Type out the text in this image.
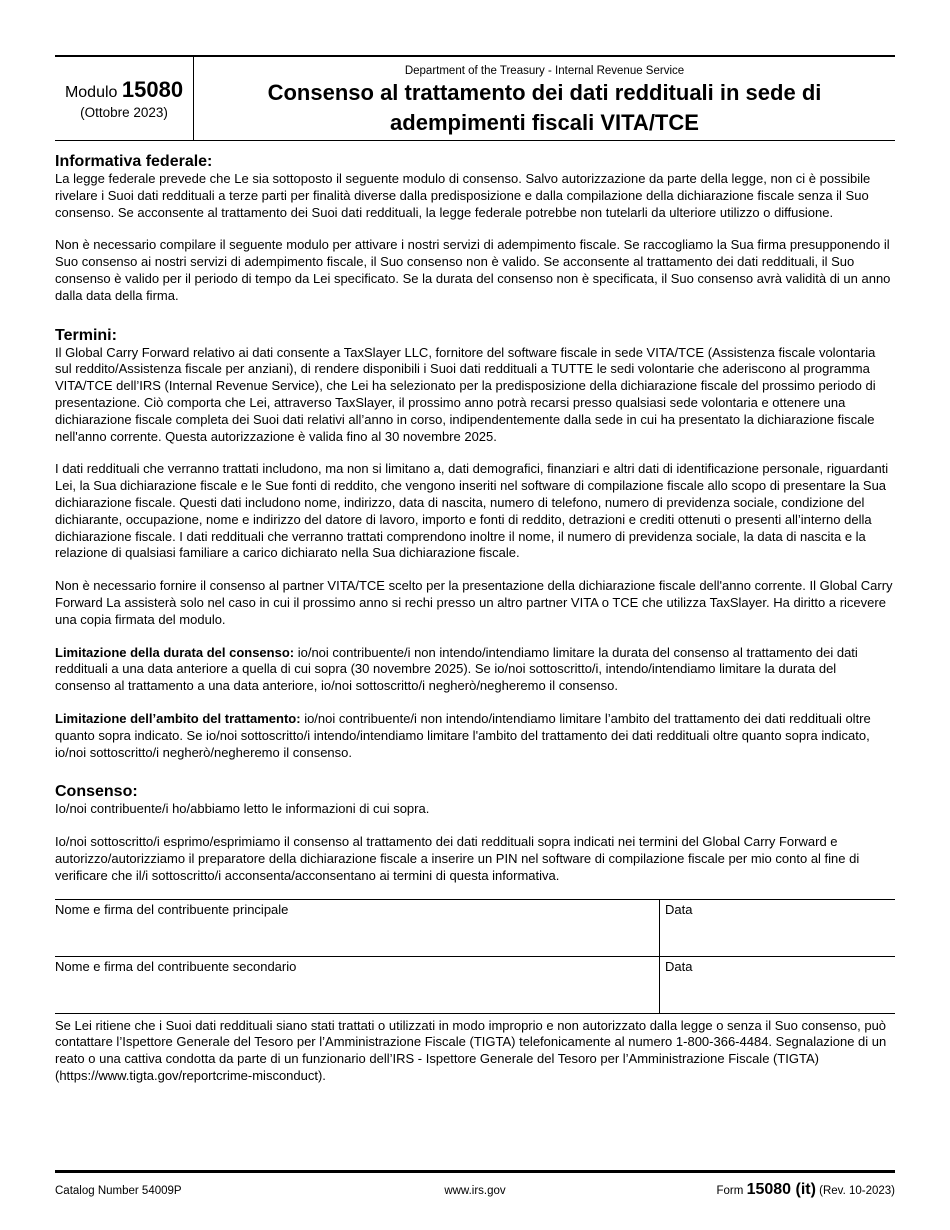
Modulo 15080
(Ottobre 2023)
Department of the Treasury - Internal Revenue Service
Consenso al trattamento dei dati reddituali in sede di
adempimenti fiscali VITA/TCE
Informativa federale:

La legge federale prevede che Le sia sottoposto il seguente modulo di consenso. Salvo autorizzazione da parte della legge, non ci è possibile rivelare i Suoi dati reddituali a terze parti per finalità diverse dalla predisposizione e dalla compilazione della dichiarazione fiscale senza il Suo consenso. Se acconsente al trattamento dei Suoi dati reddituali, la legge federale potrebbe non tutelarli da ulteriore utilizzo o diffusione.

Non è necessario compilare il seguente modulo per attivare i nostri servizi di adempimento fiscale. Se raccogliamo la Sua firma presupponendo il Suo consenso ai nostri servizi di adempimento fiscale, il Suo consenso non è valido. Se acconsente al trattamento dei dati reddituali, il Suo consenso è valido per il periodo di tempo da Lei specificato. Se la durata del consenso non è specificata, il Suo consenso avrà validità di un anno dalla data della firma.

Termini:

Il Global Carry Forward relativo ai dati consente a TaxSlayer LLC, fornitore del software fiscale in sede VITA/TCE (Assistenza fiscale volontaria sul reddito/Assistenza fiscale per anziani), di rendere disponibili i Suoi dati reddituali a TUTTE le sedi volontarie che aderiscono al programma VITA/TCE dell’IRS (Internal Revenue Service), che Lei ha selezionato per la predisposizione della dichiarazione fiscale del prossimo periodo di presentazione. Ciò comporta che Lei, attraverso TaxSlayer, il prossimo anno potrà recarsi presso qualsiasi sede volontaria e ottenere una dichiarazione fiscale completa dei Suoi dati relativi all’anno in corso, indipendentemente dalla sede in cui ha presentato la dichiarazione fiscale nell'anno corrente. Questa autorizzazione è valida fino al 30 novembre 2025.

I dati reddituali che verranno trattati includono, ma non si limitano a, dati demografici, finanziari e altri dati di identificazione personale, riguardanti Lei, la Sua dichiarazione fiscale e le Sue fonti di reddito, che vengono inseriti nel software di compilazione fiscale allo scopo di presentare la Sua dichiarazione fiscale. Questi dati includono nome, indirizzo, data di nascita, numero di telefono, numero di previdenza sociale, condizione del dichiarante, occupazione, nome e indirizzo del datore di lavoro, importo e fonti di reddito, detrazioni e crediti ottenuti o presenti all’interno della dichiarazione fiscale. I dati reddituali che verranno trattati comprendono inoltre il nome, il numero di previdenza sociale, la data di nascita e la relazione di qualsiasi familiare a carico dichiarato nella Sua dichiarazione fiscale.

Non è necessario fornire il consenso al partner VITA/TCE scelto per la presentazione della dichiarazione fiscale dell'anno corrente. Il Global Carry Forward La assisterà solo nel caso in cui il prossimo anno si rechi presso un altro partner VITA o TCE che utilizza TaxSlayer. Ha diritto a ricevere una copia firmata del modulo.

Limitazione della durata del consenso: io/noi contribuente/i non intendo/intendiamo limitare la durata del consenso al trattamento dei dati reddituali a una data anteriore a quella di cui sopra (30 novembre 2025). Se io/noi sottoscritto/i, intendo/intendiamo limitare la durata del consenso al trattamento a una data anteriore, io/noi sottoscritto/i negherò/negheremo il consenso.

Limitazione dell’ambito del trattamento: io/noi contribuente/i non intendo/intendiamo limitare l’ambito del trattamento dei dati reddituali oltre quanto sopra indicato. Se io/noi sottoscritto/i intendo/intendiamo limitare l'ambito del trattamento dei dati reddituali oltre quanto sopra indicato, io/noi sottoscritto/i negherò/negheremo il consenso.

Consenso:

Io/noi contribuente/i ho/abbiamo letto le informazioni di cui sopra.

Io/noi sottoscritto/i esprimo/esprimiamo il consenso al trattamento dei dati reddituali sopra indicati nei termini del Global Carry Forward e autorizzo/autorizziamo il preparatore della dichiarazione fiscale a inserire un PIN nel software di compilazione fiscale per mio conto al fine di verificare che il/i sottoscritto/i acconsenta/acconsentano ai termini di questa informativa.

Nome e firma del contribuente principale	Data
Nome e firma del contribuente secondario	Data

Se Lei ritiene che i Suoi dati reddituali siano stati trattati o utilizzati in modo improprio e non autorizzato dalla legge o senza il Suo consenso, può contattare l’Ispettore Generale del Tesoro per l’Amministrazione Fiscale (TIGTA) telefonicamente al numero 1-800-366-4484. Segnalazione di un reato o una cattiva condotta da parte di un funzionario dell’IRS - Ispettore Generale del Tesoro per l’Amministrazione Fiscale (TIGTA) (https://www.tigta.gov/reportcrime-misconduct).

Catalog Number 54009P	www.irs.gov	Form 15080 (it) (Rev. 10-2023)
